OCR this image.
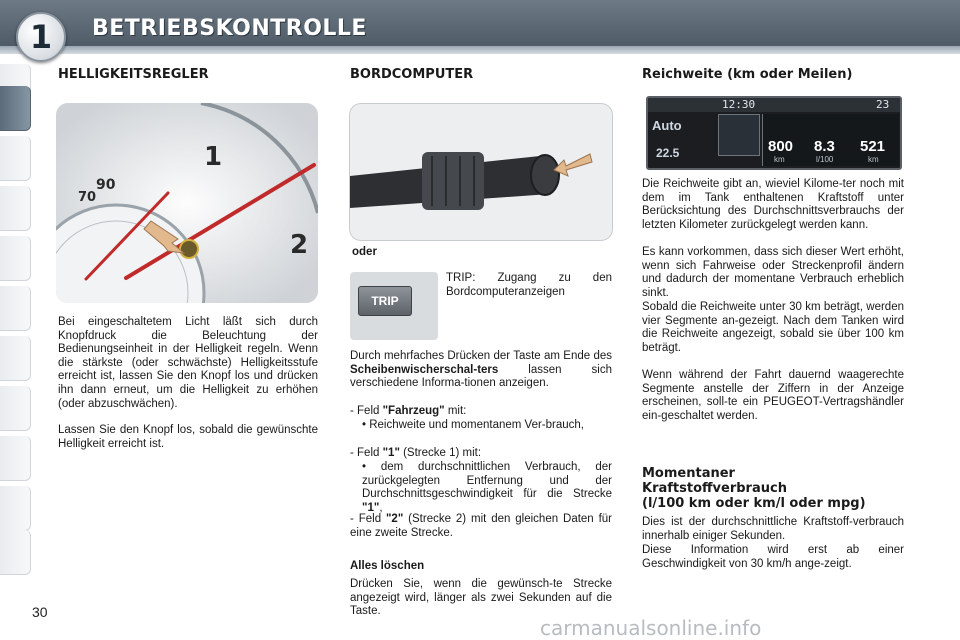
1	BETRIEBSKONTROLLE
HELLIGKEITSREGLER
90
70
1
2

Bei eingeschaltetem Licht läßt sich durch Knopfdruck die Beleuchtung der Bedienungseinheit in der Helligkeit regeln. Wenn die stärkste (oder schwächste) Helligkeitsstufe erreicht ist, lassen Sie den Knopf los und drücken ihn dann erneut, um die Helligkeit zu erhöhen (oder abzuschwächen).

Lassen Sie den Knopf los, sobald die gewünschte Helligkeit erreicht ist.

BORDCOMPUTER
oder
TRIP

TRIP: Zugang zu den Bordcomputeranzeigen

Durch mehrfaches Drücken der Taste am Ende des Scheibenwischerschal-ters lassen sich verschiedene Informa-tionen anzeigen.

- Feld "Fahrzeug" mit:

• Reichweite und momentanem Ver-brauch,

- Feld "1" (Strecke 1) mit:

• dem durchschnittlichen Verbrauch, der zurückgelegten Entfernung und der Durchschnittsgeschwindigkeit für die Strecke "1",

- Feld "2" (Strecke 2) mit den gleichen Daten für eine zweite Strecke.

Alles löschen

Drücken Sie, wenn die gewünsch-te Strecke angezeigt wird, länger als zwei Sekunden auf die Taste.

Reichweite (km oder Meilen)
12:30	23
Auto
22.5	800
km
8.3
l/100
521
km

Die Reichweite gibt an, wieviel Kilome-ter noch mit dem im Tank enthaltenen Kraftstoff unter Berücksichtung des Durchschnittsverbrauchs der letzten Kilometer zurückgelegt werden kann.

Es kann vorkommen, dass sich dieser Wert erhöht, wenn sich Fahrweise oder Streckenprofil ändern und dadurch der momentane Verbrauch erheblich sinkt.

Sobald die Reichweite unter 30 km beträgt, werden vier Segmente an-gezeigt. Nach dem Tanken wird die Reichweite angezeigt, sobald sie über 100 km beträgt.

Wenn während der Fahrt dauernd waagerechte Segmente anstelle der Ziffern in der Anzeige erscheinen, soll-te ein PEUGEOT-Vertragshändler ein-geschaltet werden.

Momentaner
Kraftstoffverbrauch
(l/100 km oder km/l oder mpg)

Dies ist der durchschnittliche Kraftstoff-verbrauch innerhalb einiger Sekunden.

Diese Information wird erst ab einer Geschwindigkeit von 30 km/h ange-zeigt.

30
carmanualsonline.info
